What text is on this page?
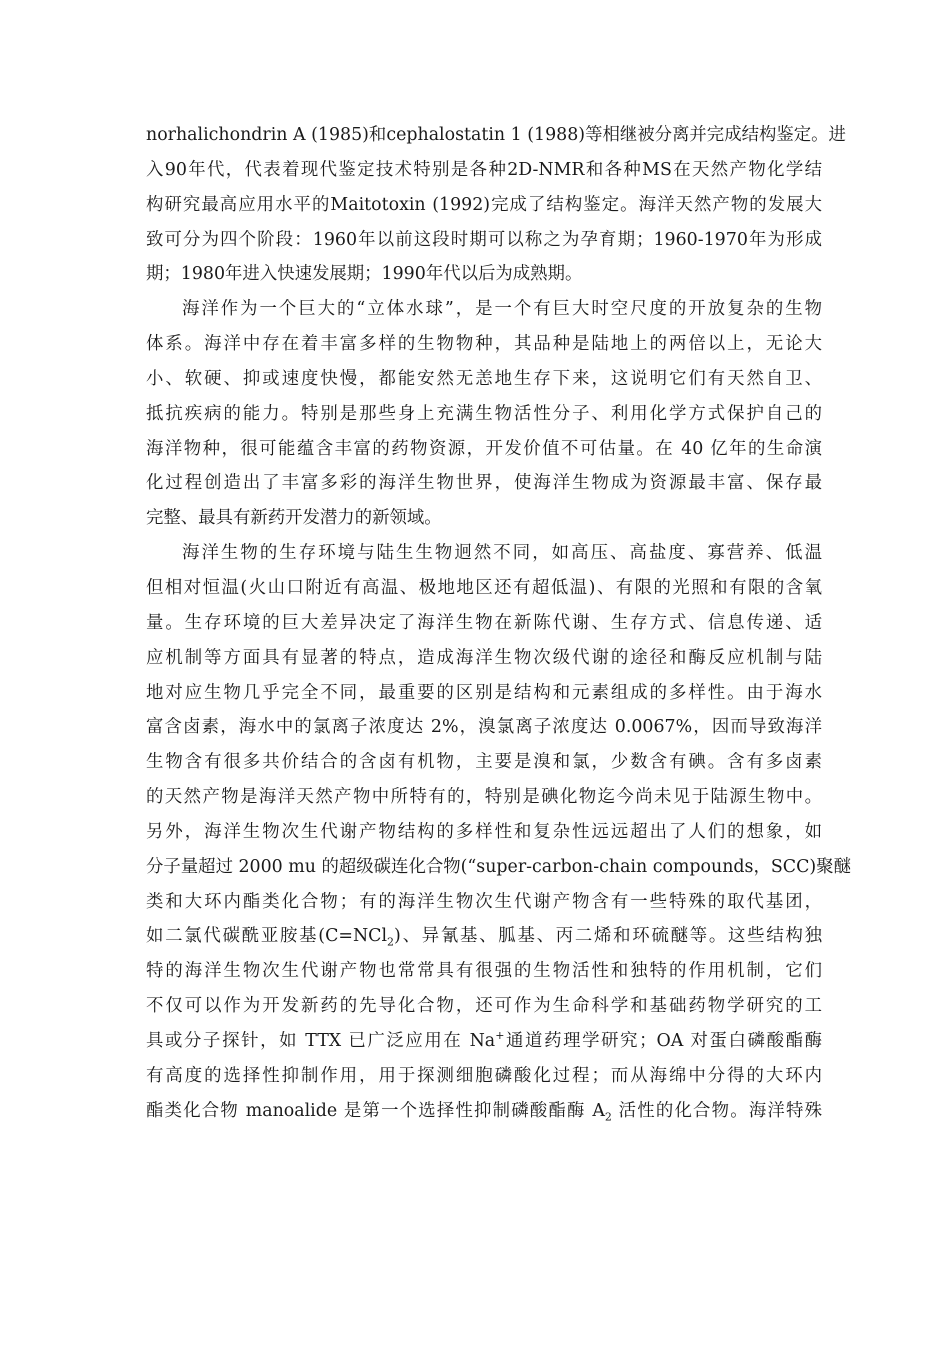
norhalichondrin A (1985)和cephalostatin 1 (1988)等相继被分离并完成结构鉴定。进
入90年代，代表着现代鉴定技术特别是各种2D-NMR和各种MS在天然产物化学结
构研究最高应用水平的Maitotoxin (1992)完成了结构鉴定。海洋天然产物的发展大
致可分为四个阶段：1960年以前这段时期可以称之为孕育期；1960-1970年为形成
期；1980年进入快速发展期；1990年代以后为成熟期。
海洋作为一个巨大的“立体水球”，是一个有巨大时空尺度的开放复杂的生物
体系。海洋中存在着丰富多样的生物物种，其品种是陆地上的两倍以上，无论大
小、软硬、抑或速度快慢，都能安然无恙地生存下来，这说明它们有天然自卫、
抵抗疾病的能力。特别是那些身上充满生物活性分子、利用化学方式保护自己的
海洋物种，很可能蕴含丰富的药物资源，开发价值不可估量。在 40 亿年的生命演
化过程创造出了丰富多彩的海洋生物世界，使海洋生物成为资源最丰富、保存最
完整、最具有新药开发潜力的新领域。
海洋生物的生存环境与陆生生物迥然不同，如高压、高盐度、寡营养、低温
但相对恒温(火山口附近有高温、极地地区还有超低温)、有限的光照和有限的含氧
量。生存环境的巨大差异决定了海洋生物在新陈代谢、生存方式、信息传递、适
应机制等方面具有显著的特点，造成海洋生物次级代谢的途径和酶反应机制与陆
地对应生物几乎完全不同，最重要的区别是结构和元素组成的多样性。由于海水
富含卤素，海水中的氯离子浓度达 2%，溴氯离子浓度达 0.0067%，因而导致海洋
生物含有很多共价结合的含卤有机物，主要是溴和氯，少数含有碘。含有多卤素
的天然产物是海洋天然产物中所特有的，特别是碘化物迄今尚未见于陆源生物中。
另外，海洋生物次生代谢产物结构的多样性和复杂性远远超出了人们的想象，如
分子量超过 2000 mu 的超级碳连化合物(“super-carbon-chain compounds，SCC)聚醚
类和大环内酯类化合物；有的海洋生物次生代谢产物含有一些特殊的取代基团，
如二氯代碳酰亚胺基(C=NCl$_2$)、异氰基、胍基、丙二烯和环硫醚等。这些结构独
特的海洋生物次生代谢产物也常常具有很强的生物活性和独特的作用机制，它们
不仅可以作为开发新药的先导化合物，还可作为生命科学和基础药物学研究的工
具或分子探针，如 TTX 已广泛应用在 Na+通道药理学研究；OA 对蛋白磷酸酯酶
有高度的选择性抑制作用，用于探测细胞磷酸化过程；而从海绵中分得的大环内
酯类化合物 manoalide 是第一个选择性抑制磷酸酯酶 $A_2$ 活性的化合物。海洋特殊
